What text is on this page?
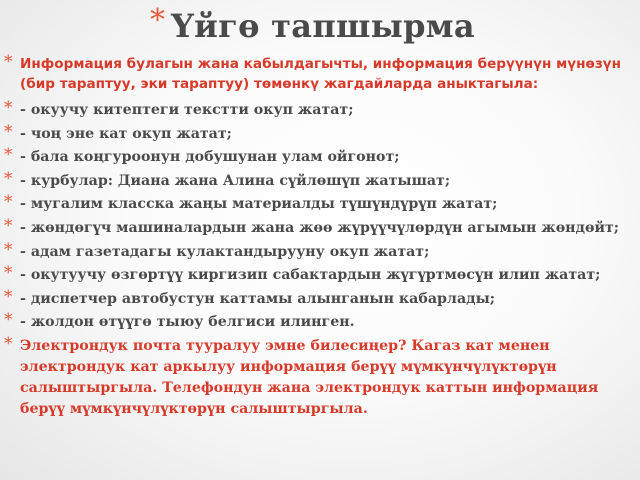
* Үйгө тапшырма
* Информация булагын жана кабылдагычты, информация берүүнүн мүнөзүн (бир тараптуу, эки тараптуу) төмөнкү жагдайларда аныктагыла:
* - окуучу китептеги текстти окуп жатат;
* - чоң эне кат окуп жатат;
* - бала коңгуроонун добушунан улам ойгонот;
* - курбулар: Диана жана Алина сүйлөшүп жатышат;
* - мугалим класска жаңы материалды түшүндүрүп жатат;
* - жөндөгүч машиналардын жана жөө жүрүүчүлөрдүн агымын жөндөйт;
* - адам газетадагы кулактандырууну окуп жатат;
* - окутуучу өзгөртүү киргизип сабактардын жүгүртмөсүн илип жатат;
* - диспетчер автобустун каттамы алынганын кабарлады;
* - жолдон өтүүгө тыюу белгиси илинген.
* Электрондук почта тууралуу эмне билесиңер? Кагаз кат менен электрондук кат аркылуу информация берүү мүмкүнчүлүктөрүн салыштыргыла. Телефондун жана электрондук каттын информация берүү мүмкүнчүлүктөрүн салыштыргыла.
